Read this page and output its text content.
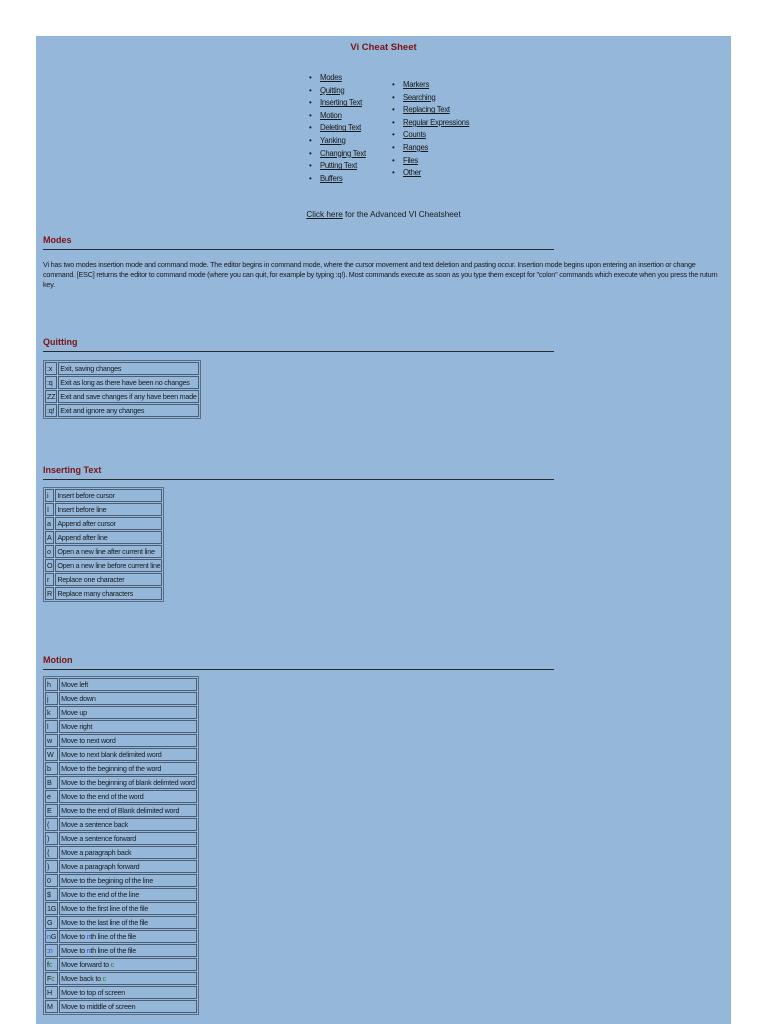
Vi Cheat Sheet
• Modes
• Quitting
• Inserting Text
• Motion
• Deleting Text
• Yanking
• Changing Text
• Putting Text
• Buffers
• Markers
• Searching
• Replacing Text
• Regular Expressions
• Counts
• Ranges
• Files
• Other
Click here for the Advanced VI Cheatsheet
Modes
Vi has two modes insertion mode and command mode. The editor begins in command mode, where the cursor movement and text deletion and pasting occur. Insertion mode begins upon entering an insertion or change command. [ESC] returns the editor to command mode (where you can quit, for example by typing :q!). Most commands execute as soon as you type them except for "colon" commands which execute when you press the ruturn key.
Quitting
:x	Exit, saving changes
:q	Exit as long as there have been no changes
ZZ	Exit and save changes if any have been made
:q!	Exit and ignore any changes
Inserting Text
i	Insert before cursor
I	Insert before line
a	Append after cursor
A	Append after line
o	Open a new line after current line
O	Open a new line before current line
r	Replace one character
R	Replace many characters
Motion
h	Move left
j	Move down
k	Move up
l	Move right
w	Move to next word
W	Move to next blank delimited word
b	Move to the beginning of the word
B	Move to the beginning of blank delimted word
e	Move to the end of the word
E	Move to the end of Blank delimited word
(	Move a sentence back
)	Move a sentence forward
{	Move a paragraph back
}	Move a paragraph forward
0	Move to the begining of the line
$	Move to the end of the line
1G	Move to the first line of the file
G	Move to the last line of the file
nG	Move to nth line of the file
:n	Move to nth line of the file
fc	Move forward to c
Fc	Move back to c
H	Move to top of screen
M	Move to middle of screen
